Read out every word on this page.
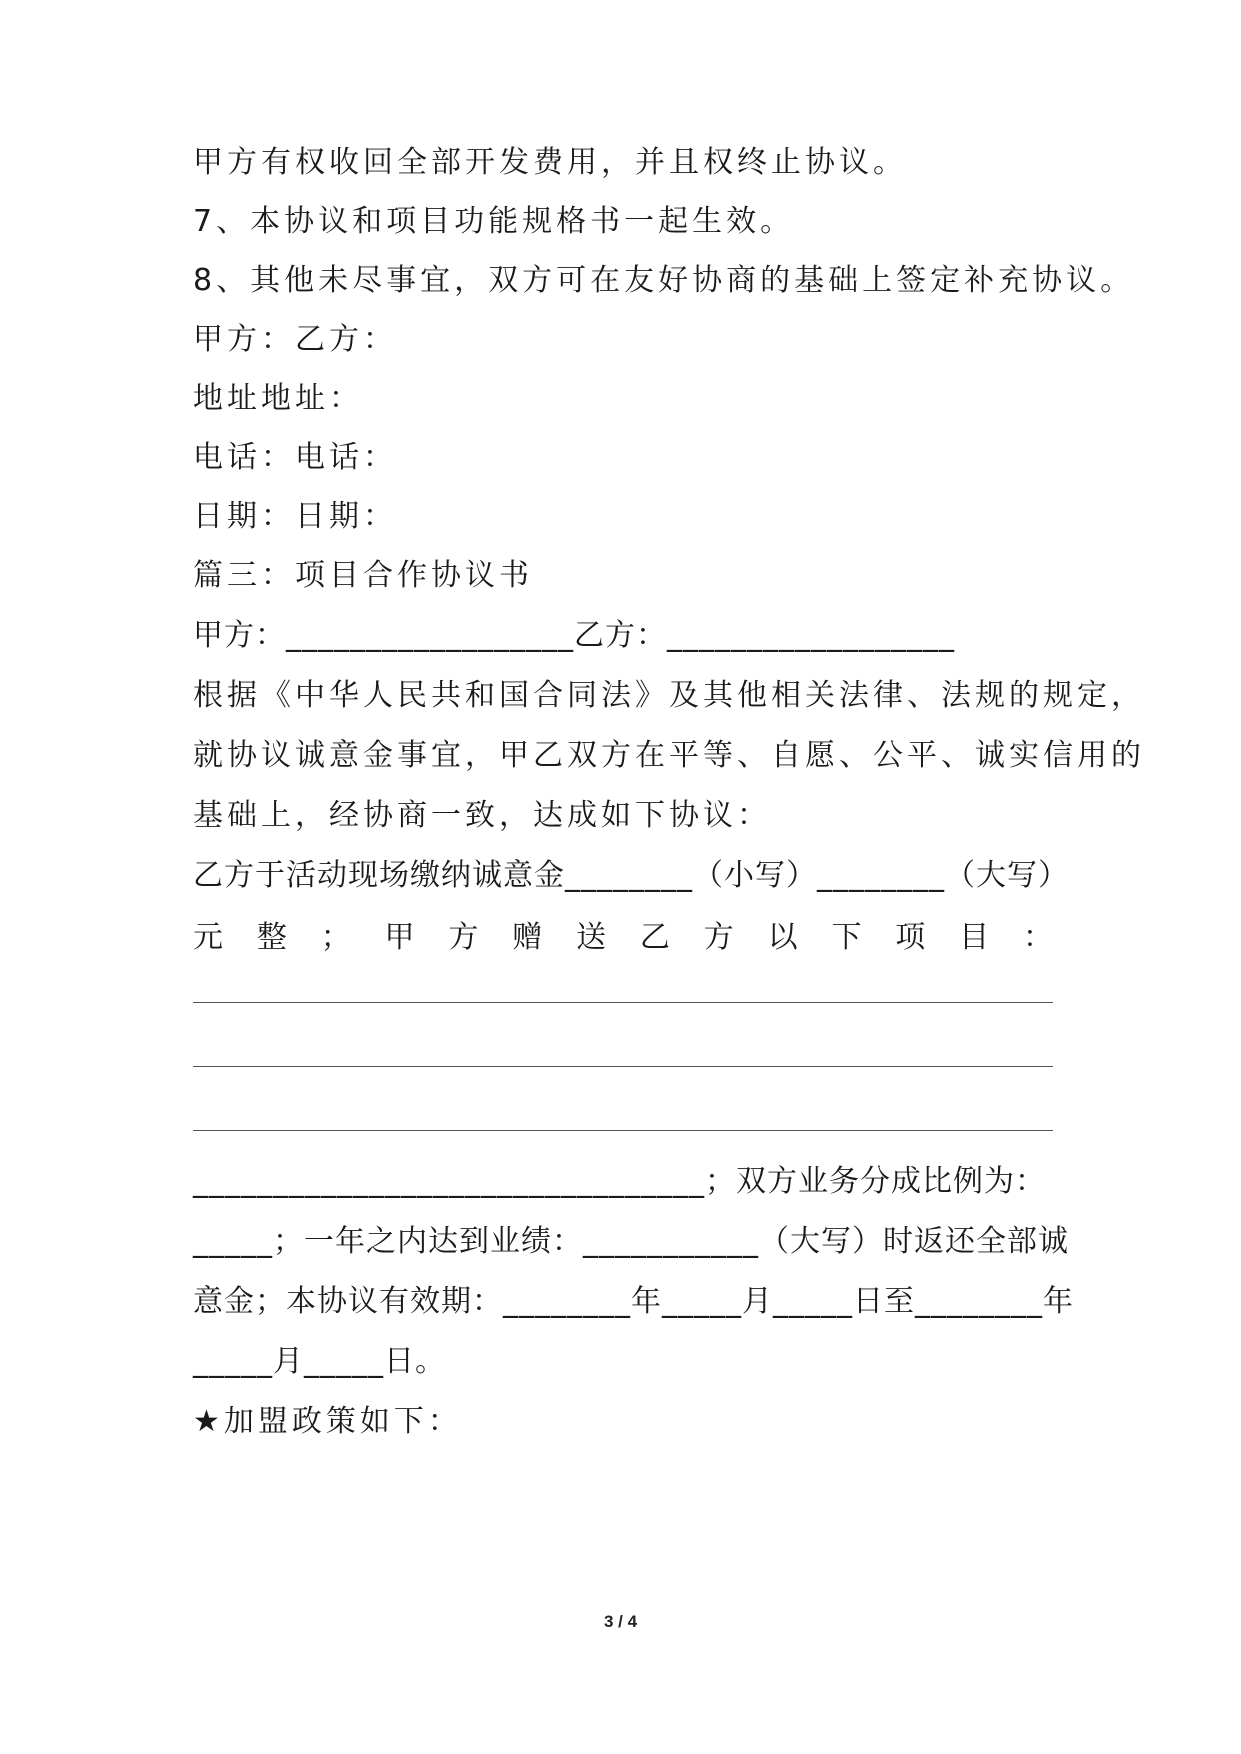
甲方有权收回全部开发费用，并且权终止协议。
7、本协议和项目功能规格书一起生效。
8、其他未尽事宜，双方可在友好协商的基础上签定补充协议。
甲方：乙方：
地址地址：
电话：电话：
日期：日期：
篇三：项目合作协议书
甲方：__________________乙方：__________________
根据《中华人民共和国合同法》及其他相关法律、法规的规定，
就协议诚意金事宜，甲乙双方在平等、自愿、公平、诚实信用的
基础上，经协商一致，达成如下协议：
乙方于活动现场缴纳诚意金________（小写）________（大写）
元 整 ； 甲 方 赠 送 乙 方 以 下 项 目 ：
________________________________；双方业务分成比例为：
_____；一年之内达到业绩：___________（大写）时返还全部诚
意金；本协议有效期：________年_____月_____日至________年
_____月_____日。
★加盟政策如下：
3 / 4
